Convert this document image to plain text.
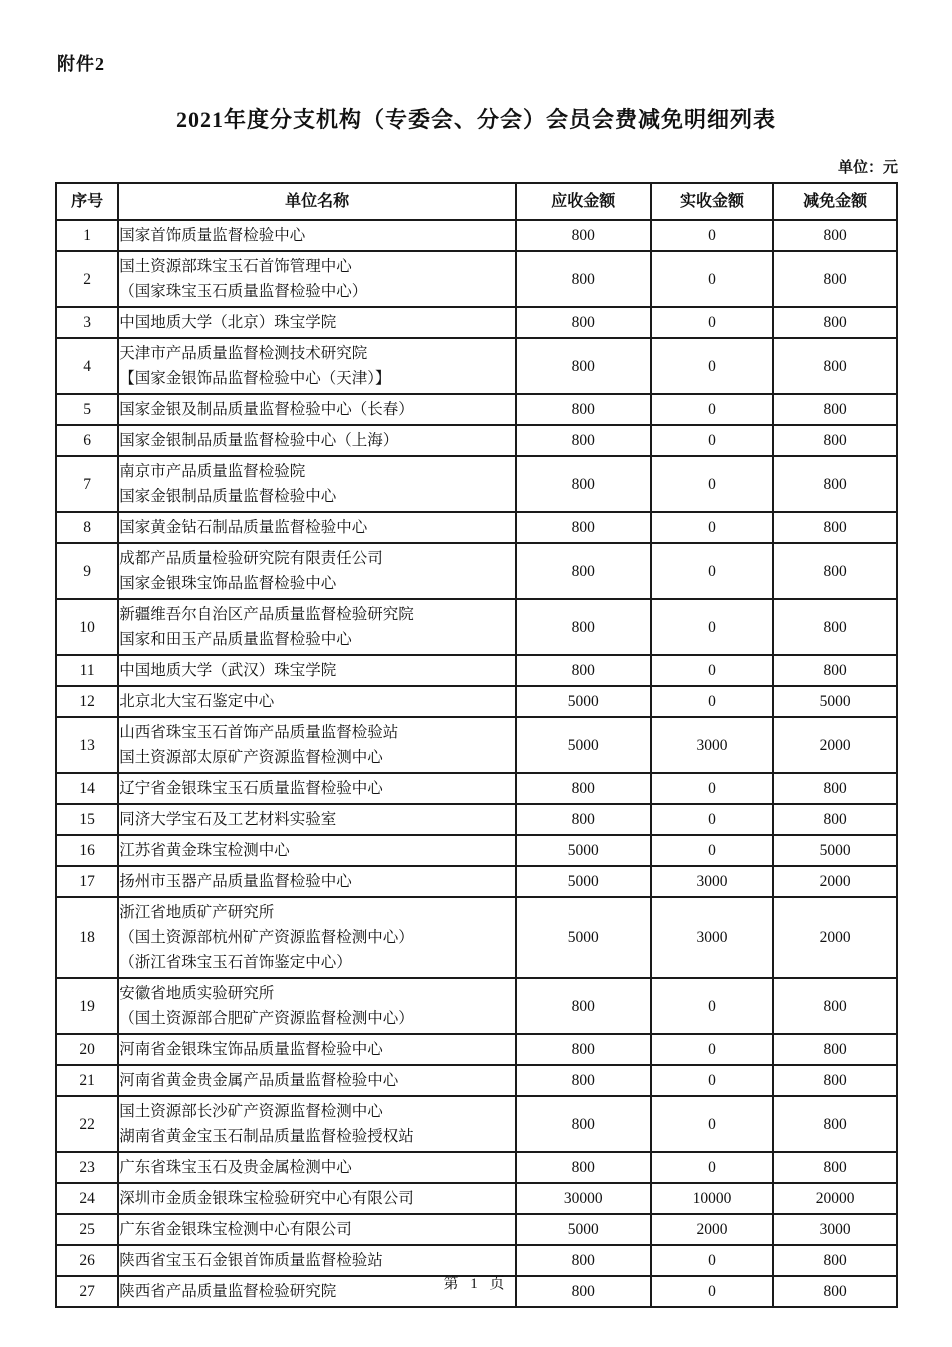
附件2
2021年度分支机构（专委会、分会）会员会费减免明细列表
单位：元
序号	单位名称	应收金额	实收金额	减免金额
1	国家首饰质量监督检验中心	800	0	800
2	国土资源部珠宝玉石首饰管理中心
（国家珠宝玉石质量监督检验中心）	800	0	800
3	中国地质大学（北京）珠宝学院	800	0	800
4	天津市产品质量监督检测技术研究院
【国家金银饰品监督检验中心（天津）】	800	0	800
5	国家金银及制品质量监督检验中心（长春）	800	0	800
6	国家金银制品质量监督检验中心（上海）	800	0	800
7	南京市产品质量监督检验院
国家金银制品质量监督检验中心	800	0	800
8	国家黄金钻石制品质量监督检验中心	800	0	800
9	成都产品质量检验研究院有限责任公司
国家金银珠宝饰品监督检验中心	800	0	800
10	新疆维吾尔自治区产品质量监督检验研究院
国家和田玉产品质量监督检验中心	800	0	800
11	中国地质大学（武汉）珠宝学院	800	0	800
12	北京北大宝石鉴定中心	5000	0	5000
13	山西省珠宝玉石首饰产品质量监督检验站
国土资源部太原矿产资源监督检测中心	5000	3000	2000
14	辽宁省金银珠宝玉石质量监督检验中心	800	0	800
15	同济大学宝石及工艺材料实验室	800	0	800
16	江苏省黄金珠宝检测中心	5000	0	5000
17	扬州市玉器产品质量监督检验中心	5000	3000	2000
18	浙江省地质矿产研究所
（国土资源部杭州矿产资源监督检测中心）
（浙江省珠宝玉石首饰鉴定中心）	5000	3000	2000
19	安徽省地质实验研究所
（国土资源部合肥矿产资源监督检测中心）	800	0	800
20	河南省金银珠宝饰品质量监督检验中心	800	0	800
21	河南省黄金贵金属产品质量监督检验中心	800	0	800
22	国土资源部长沙矿产资源监督检测中心
湖南省黄金宝玉石制品质量监督检验授权站	800	0	800
23	广东省珠宝玉石及贵金属检测中心	800	0	800
24	深圳市金质金银珠宝检验研究中心有限公司	30000	10000	20000
25	广东省金银珠宝检测中心有限公司	5000	2000	3000
26	陕西省宝玉石金银首饰质量监督检验站	800	0	800
27	陕西省产品质量监督检验研究院	800	0	800
第 1 页
